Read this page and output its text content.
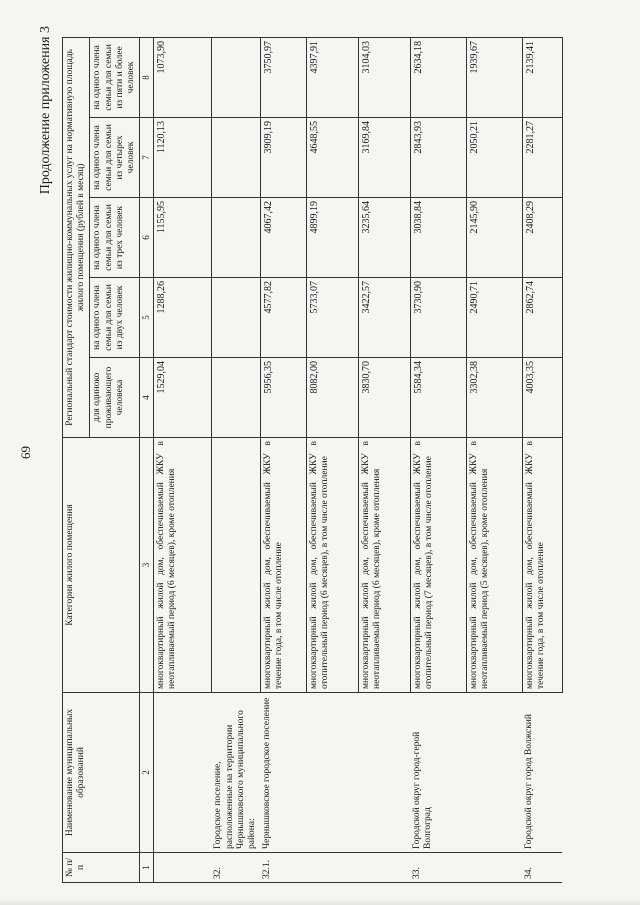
69
Продолжение приложения 3
№ п/п	Наименование муниципальных образований	Категория жилого помещения	Региональный стандарт стоимости жилищно-коммунальных услуг на нормативную площадь жилого помещения (рублей в месяц)				
			для одиноко проживающего человека	на одного члена семьи для семьи из двух человек	на одного члена семьи для семьи из трех человек	на одного члена семьи для семьи из четырех человек	на одного члена семьи для семьи из пяти и более человек
1	2	3	4	5	6	7	8
		многоквартирный жилой дом, обеспечиваемый ЖКУ в неотапливаемый период (6 месяцев), кроме отопления	1529,04	1288,26	1155,95	1120,13	1073,90
32.	Городское поселение, расположенные на территории Чернышковского муниципального района:						
32.1.	Чернышковское городское поселение	многоквартирный жилой дом, обеспечиваемый ЖКУ в течение года, в том числе отопление	5956,35	4577,82	4067,42	3909,19	3750,97
		многоквартирный жилой дом, обеспечиваемый ЖКУ в отопительный период (6 месяцев), в том числе отопление	8082,00	5733,07	4899,19	4648,55	4397,91
		многоквартирный жилой дом, обеспечиваемый ЖКУ в неотапливаемый период (6 месяцев), кроме отопления	3830,70	3422,57	3235,64	3169,84	3104,03
33.	Городской округ город-герой Волгоград	многоквартирный жилой дом, обеспечиваемый ЖКУ в отопительный период (7 месяцев), в том числе отопление	5584,34	3730,90	3038,84	2843,93	2634,18
		многоквартирный жилой дом, обеспечиваемый ЖКУ в неотапливаемый период (5 месяцев), кроме отопления	3302,38	2490,71	2145,90	2050,21	1939,67
34.	Городской округ город Волжский	многоквартирный жилой дом, обеспечиваемый ЖКУ в течение года, в том числе отопление	4003,35	2862,74	2408,29	2281,27	2139,41
